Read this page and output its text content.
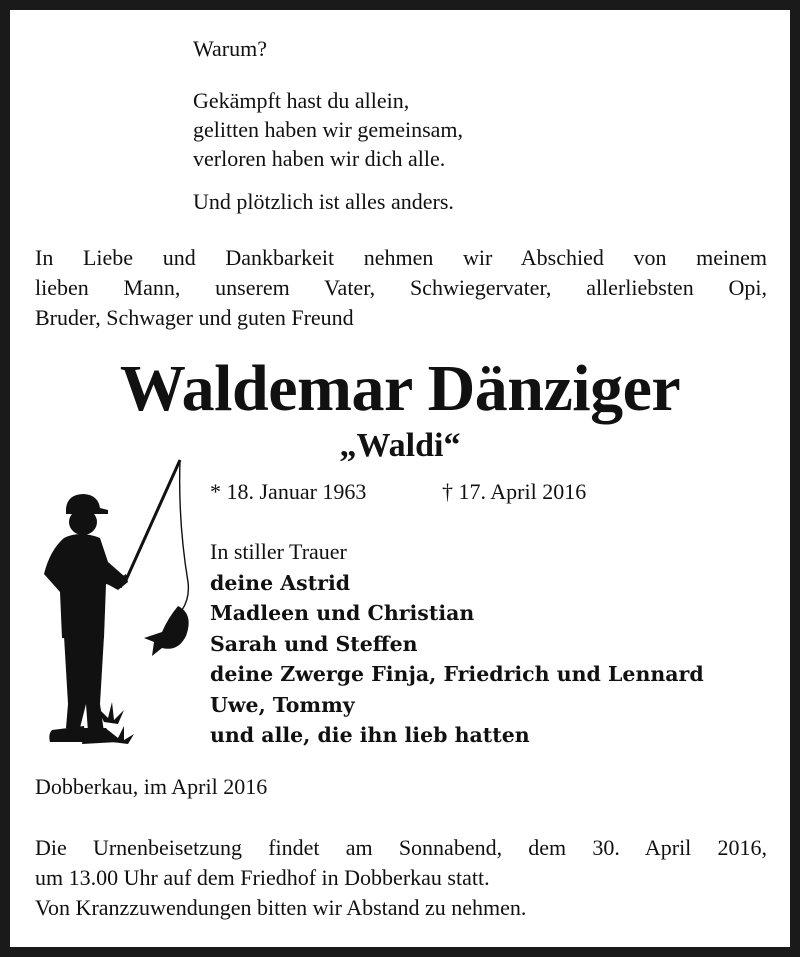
Warum?
Gekämpft hast du allein,
gelitten haben wir gemeinsam,
verloren haben wir dich alle.
Und plötzlich ist alles anders.
In Liebe und Dankbarkeit nehmen wir Abschied von meinem
lieben Mann, unserem Vater, Schwiegervater, allerliebsten Opi,
Bruder, Schwager und guten Freund
Waldemar Dänziger
„Waldi“
* 18. Januar 1963	† 17. April 2016
In stiller Trauer
deine Astrid
Madleen und Christian
Sarah und Steffen
deine Zwerge Finja, Friedrich und Lennard
Uwe, Tommy
und alle, die ihn lieb hatten
Dobberkau, im April 2016
Die Urnenbeisetzung findet am Sonnabend, dem 30. April 2016,
um 13.00 Uhr auf dem Friedhof in Dobberkau statt.
Von Kranzzuwendungen bitten wir Abstand zu nehmen.
